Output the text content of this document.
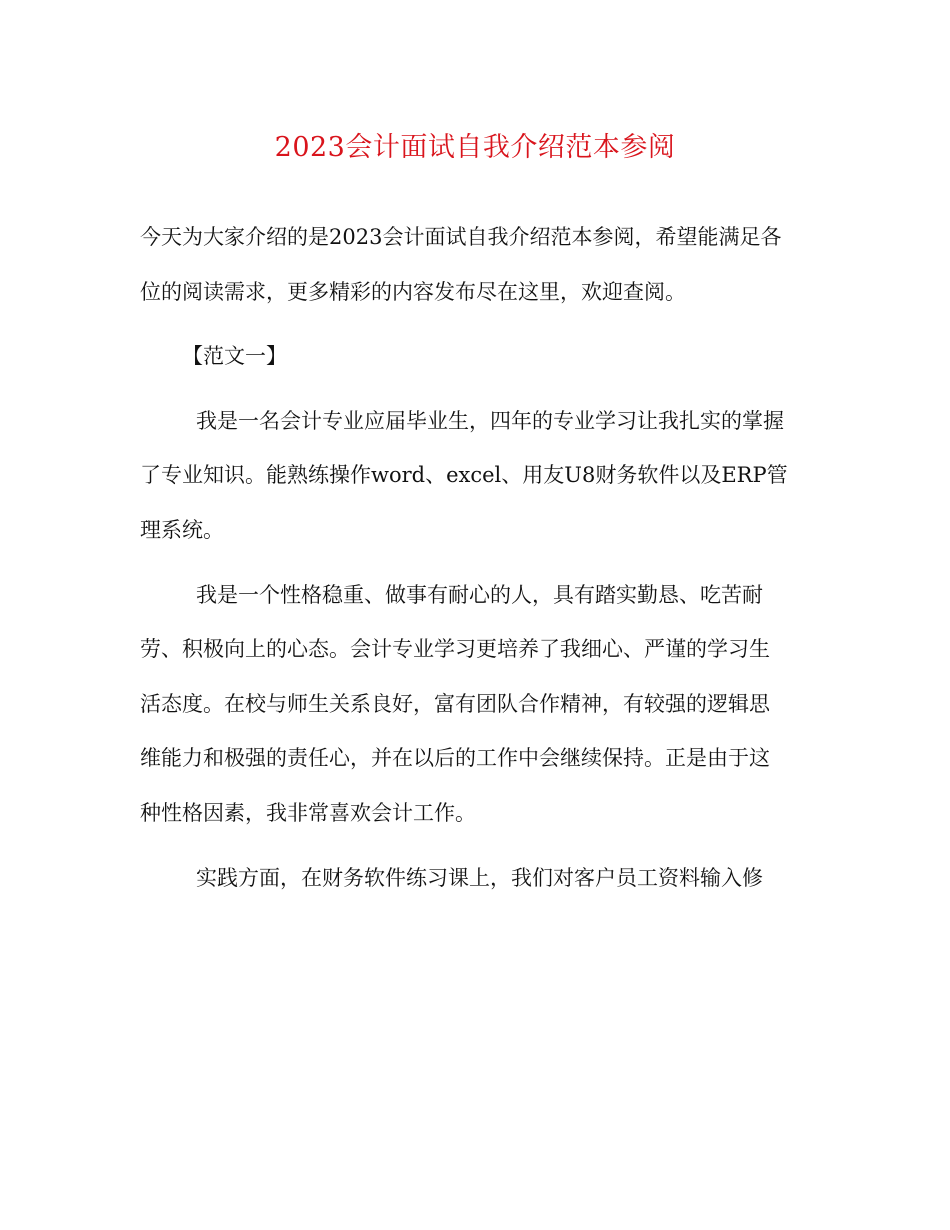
2023会计面试自我介绍范本参阅

今天为大家介绍的是2023会计面试自我介绍范本参阅，希望能满足各
位的阅读需求，更多精彩的内容发布尽在这里，欢迎查阅。

【范文一】

我是一名会计专业应届毕业生，四年的专业学习让我扎实的掌握
了专业知识。能熟练操作word、excel、用友U8财务软件以及ERP管
理系统。

我是一个性格稳重、做事有耐心的人，具有踏实勤恳、吃苦耐
劳、积极向上的心态。会计专业学习更培养了我细心、严谨的学习生
活态度。在校与师生关系良好，富有团队合作精神，有较强的逻辑思
维能力和极强的责任心，并在以后的工作中会继续保持。正是由于这
种性格因素，我非常喜欢会计工作。

实践方面，在财务软件练习课上，我们对客户员工资料输入修
